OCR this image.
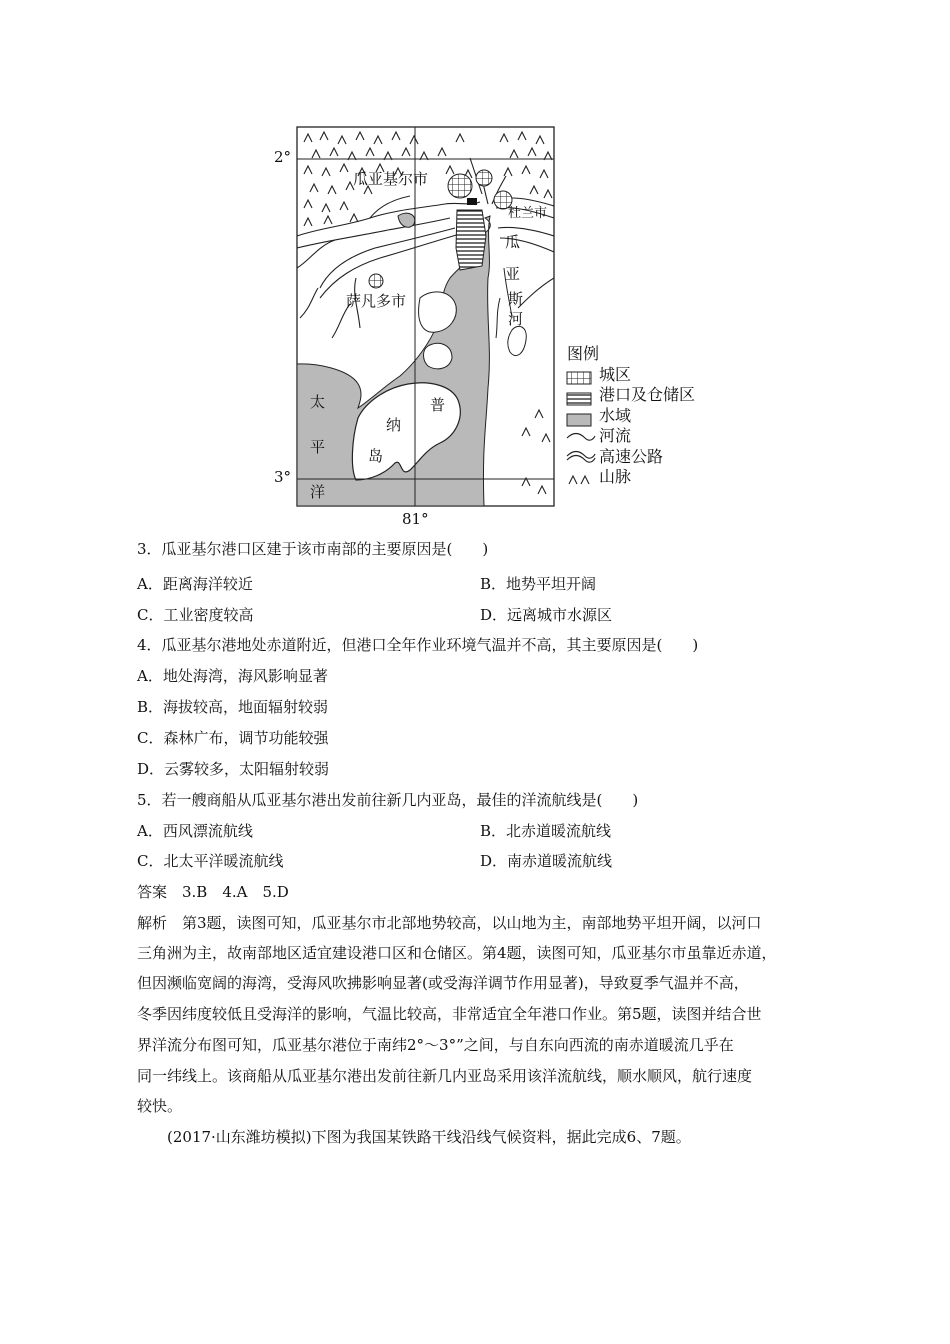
2°
3°
81°
瓜亚基尔市
杜兰市
萨凡多市
瓜
亚
斯
河
太
平
洋
普
纳
岛
图例
城区
港口及仓储区
水域
河流
高速公路
山脉
3．瓜亚基尔港口区建于该市南部的主要原因是(　　)
A．距离海洋较近	B．地势平坦开阔
C．工业密度较高	D．远离城市水源区
4．瓜亚基尔港地处赤道附近，但港口全年作业环境气温并不高，其主要原因是(　　)
A．地处海湾，海风影响显著
B．海拔较高，地面辐射较弱
C．森林广布，调节功能较强
D．云雾较多，太阳辐射较弱
5．若一艘商船从瓜亚基尔港出发前往新几内亚岛，最佳的洋流航线是(　　)
A．西风漂流航线	B．北赤道暖流航线
C．北太平洋暖流航线	D．南赤道暖流航线
答案　3.B　4.A　5.D
解析　第3题，读图可知，瓜亚基尔市北部地势较高，以山地为主，南部地势平坦开阔，以河口
三角洲为主，故南部地区适宜建设港口区和仓储区。第4题，读图可知，瓜亚基尔市虽靠近赤道，
但因濒临宽阔的海湾，受海风吹拂影响显著(或受海洋调节作用显著)，导致夏季气温并不高，
冬季因纬度较低且受海洋的影响，气温比较高，非常适宜全年港口作业。第5题，读图并结合世
界洋流分布图可知，瓜亚基尔港位于南纬2°～3°”之间，与自东向西流的南赤道暖流几乎在
同一纬线上。该商船从瓜亚基尔港出发前往新几内亚岛采用该洋流航线，顺水顺风，航行速度
较快。
(2017·山东潍坊模拟)下图为我国某铁路干线沿线气候资料，据此完成6、7题。
